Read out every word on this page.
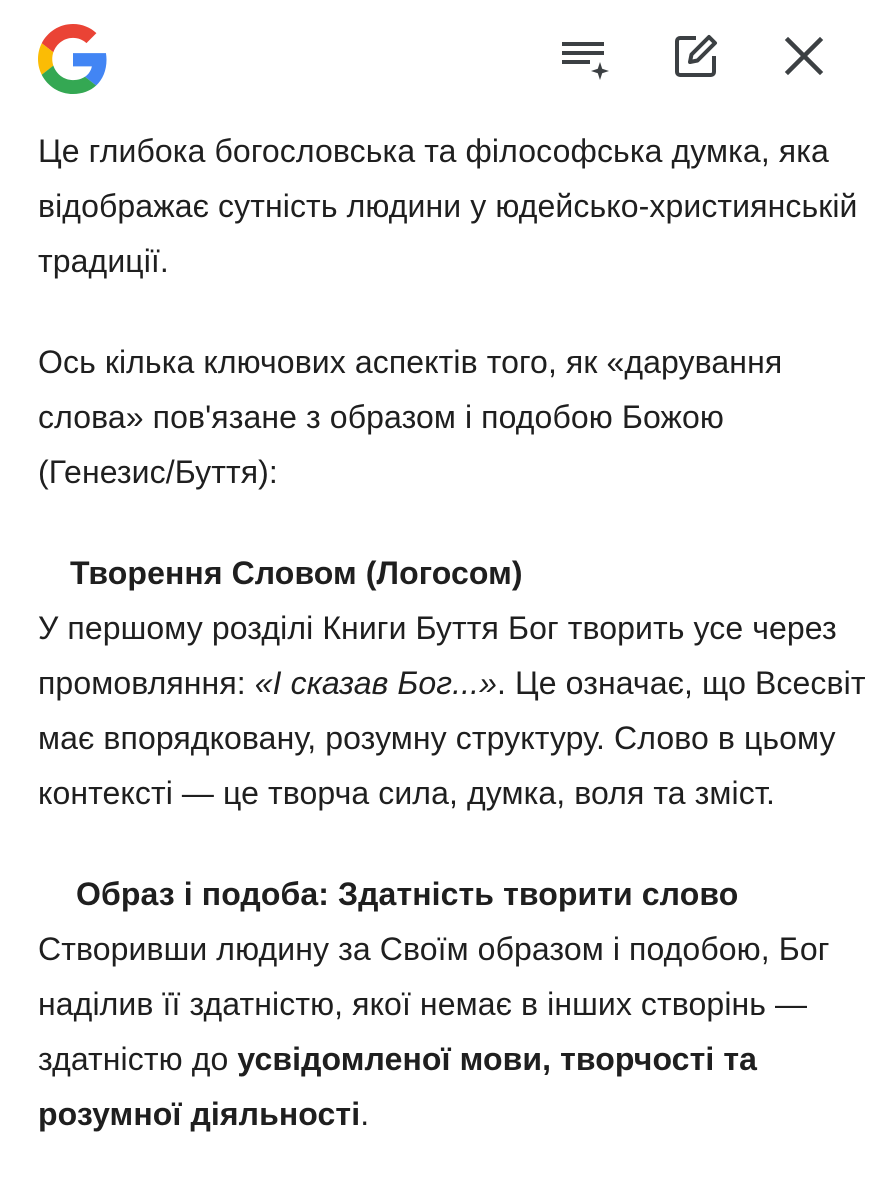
Це глибока богословська та філософська думка, яка відображає сутність людини у юдейсько-християнській традиції.

Ось кілька ключових аспектів того, як «дарування слова» пов'язане з образом і подобою Божою (Генезис/Буття):

Творення Словом (Логосом)

У першому розділі Книги Буття Бог творить усе через промовляння: «І сказав Бог...». Це означає, що Всесвіт має впорядковану, розумну структуру. Слово в цьому контексті — це творча сила, думка, воля та зміст.

Образ і подоба: Здатність творити слово

Створивши людину за Своїм образом і подобою, Бог наділив її здатністю, якої немає в інших створінь — здатністю до усвідомленої мови, творчості та розумної діяльності.
